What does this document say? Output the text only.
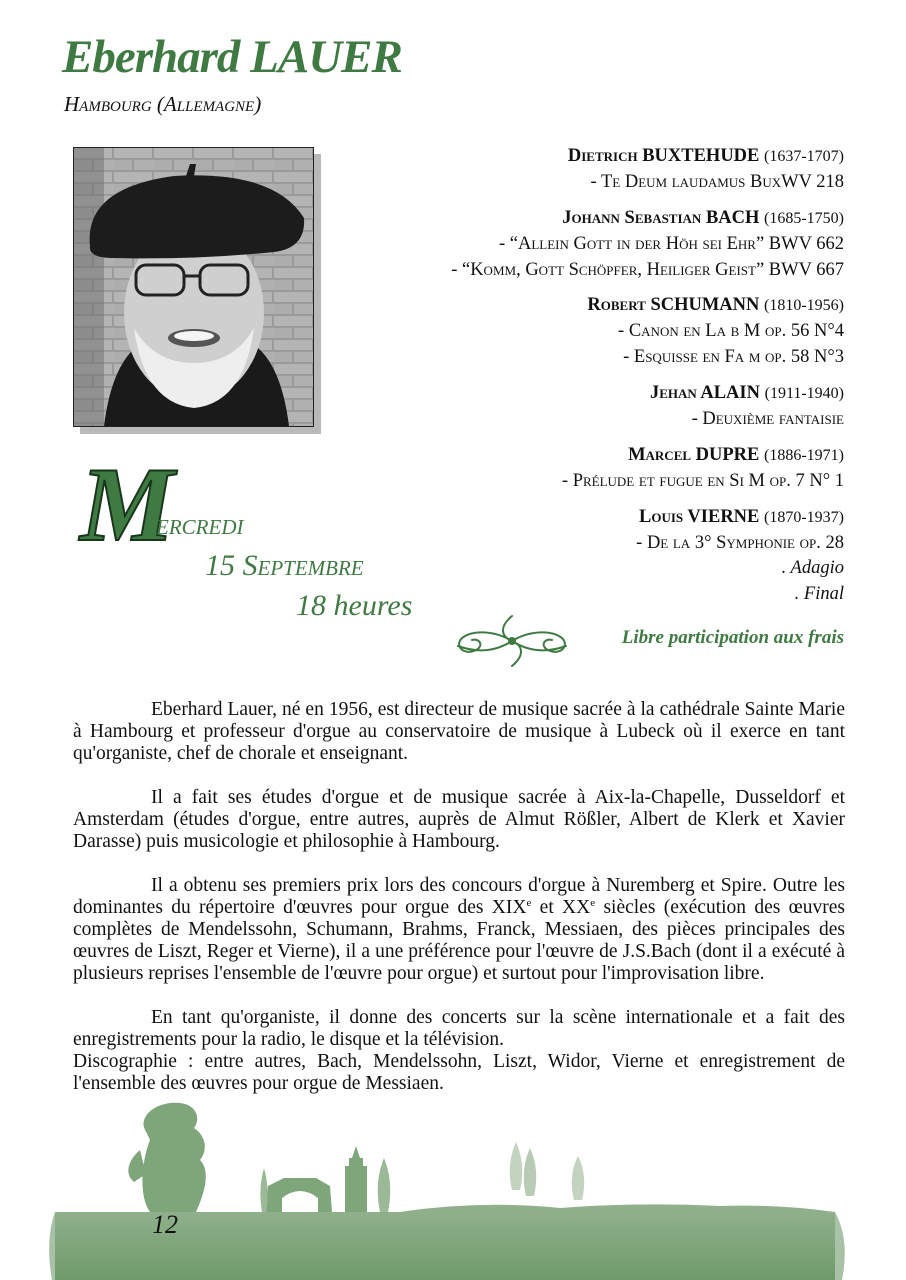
Eberhard LAUER
Hambourg (Allemagne)
Dietrich BUXTEHUDE (1637-1707)
- Te Deum laudamus BuxWV 218
Johann Sebastian BACH (1685-1750)
- “Allein Gott in der Höh sei Ehr” BWV 662
- “Komm, Gott Schöpfer, Heiliger Geist” BWV 667
Robert SCHUMANN (1810-1956)
- Canon en La b M op. 56 N°4
- Esquisse en Fa m op. 58 N°3
Jehan ALAIN (1911-1940)
- Deuxième fantaisie
Marcel DUPRE (1886-1971)
- Prélude et fugue en Si M op. 7 N° 1
Louis VIERNE (1870-1937)
- De la 3° Symphonie op. 28
. Adagio
. Final
M
ercredi
15 Septembre
18 heures
Libre participation aux frais

Eberhard Lauer, né en 1956, est directeur de musique sacrée à la cathédrale Sainte Marie à Hambourg et professeur d'orgue au conservatoire de musique à Lubeck où il exerce en tant qu'organiste, chef de chorale et enseignant.

Il a fait ses études d'orgue et de musique sacrée à Aix-la-Chapelle, Dusseldorf et Amsterdam (études d'orgue, entre autres, auprès de Almut Rößler, Albert de Klerk et Xavier Darasse) puis musicologie et philosophie à Hambourg.

Il a obtenu ses premiers prix lors des concours d'orgue à Nuremberg et Spire. Outre les dominantes du répertoire d'œuvres pour orgue des XIXe et XXe siècles (exécution des œuvres complètes de Mendelssohn, Schumann, Brahms, Franck, Messiaen, des pièces principales des œuvres de Liszt, Reger et Vierne), il a une préférence pour l'œuvre de J.S.Bach (dont il a exécuté à plusieurs reprises l'ensemble de l'œuvre pour orgue) et surtout pour l'improvisation libre.

En tant qu'organiste, il donne des concerts sur la scène internationale et a fait des enregistrements pour la radio, le disque et la télévision.

Discographie : entre autres, Bach, Mendelssohn, Liszt, Widor, Vierne et enregistrement de l'ensemble des œuvres pour orgue de Messiaen.

12
